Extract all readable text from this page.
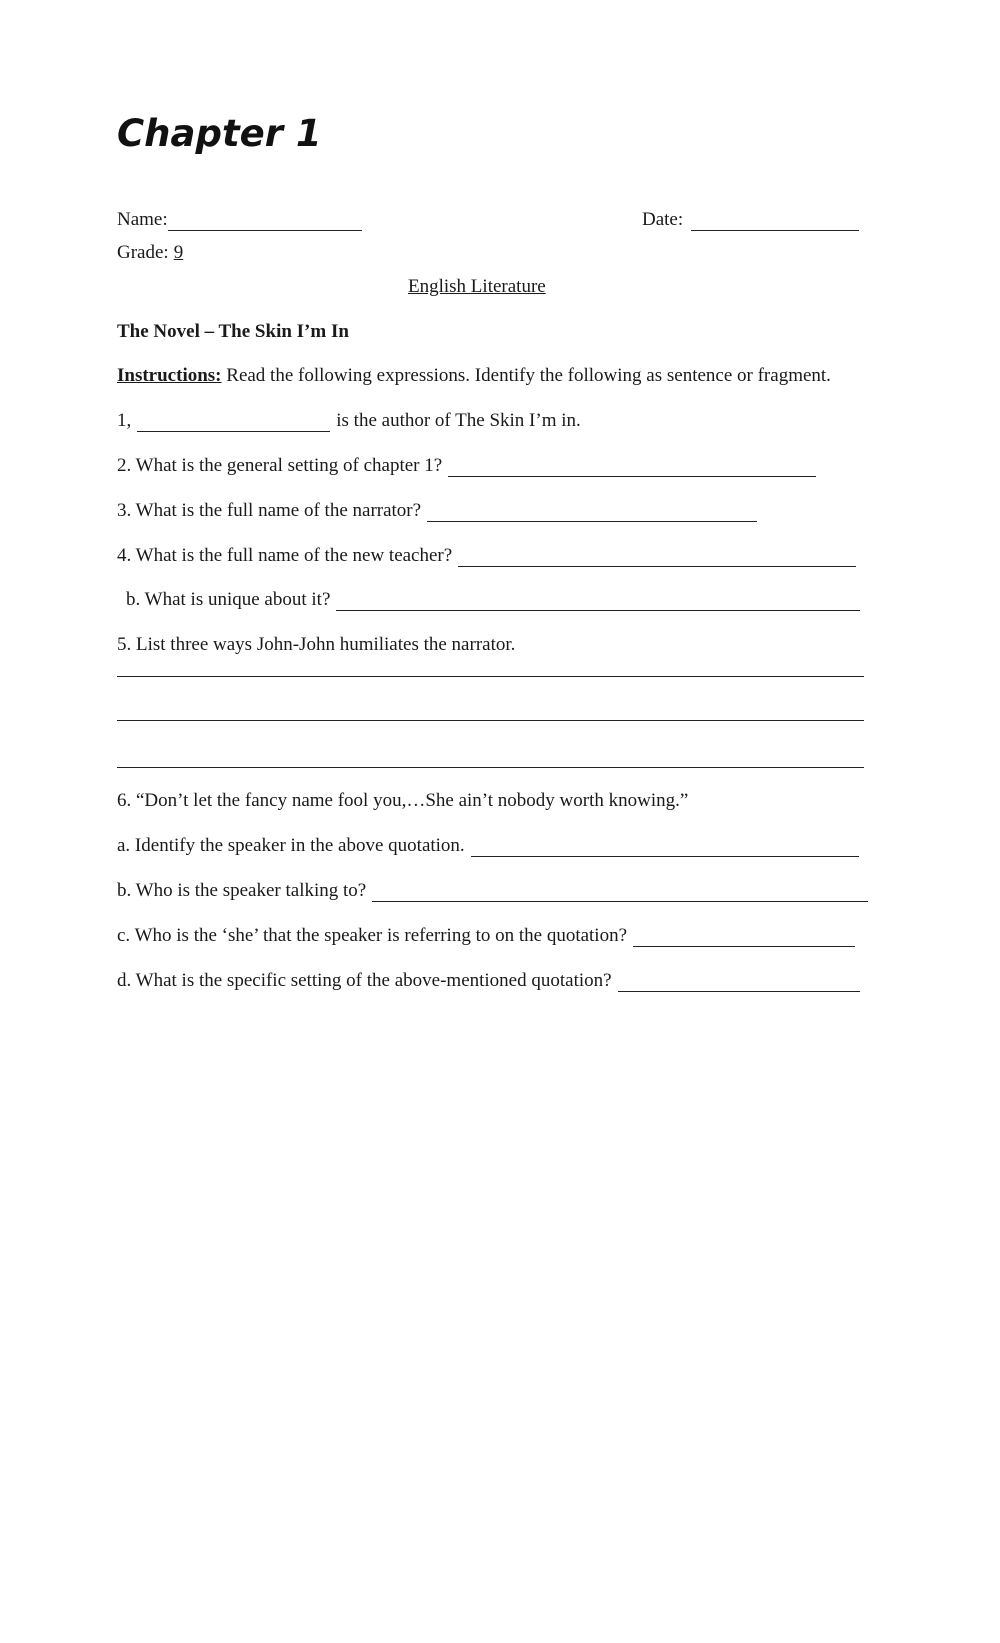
Chapter 1
Name:	Date:
Grade: 9
English Literature
The Novel – The Skin I’m In
Instructions: Read the following expressions. Identify the following as sentence or fragment.
1,	is the author of The Skin I’m in.
2. What is the general setting of chapter 1?
3. What is the full name of the narrator?
4. What is the full name of the new teacher?
b. What is unique about it?
5. List three ways John-John humiliates the narrator.
6. “Don’t let the fancy name fool you,…She ain’t nobody worth knowing.”
a. Identify the speaker in the above quotation.
b. Who is the speaker talking to?
c. Who is the ‘she’ that the speaker is referring to on the quotation?
d. What is the specific setting of the above-mentioned quotation?
